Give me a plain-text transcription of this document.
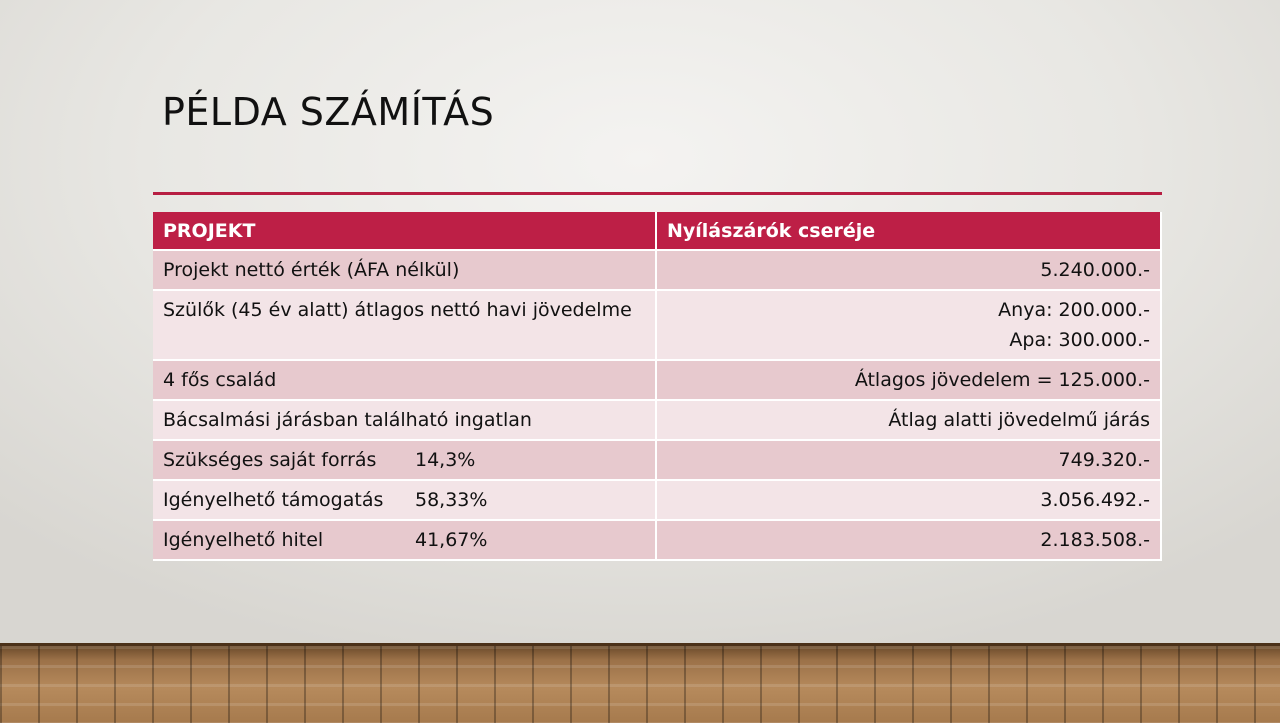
PÉLDA SZÁMÍTÁS
PROJEKT	Nyílászárók cseréje
Projekt nettó érték (ÁFA nélkül)	5.240.000.-

Szülők (45 év alatt) átlagos nettó havi jövedelme	Anya: 200.000.-
Apa: 300.000.-

4 fős család	Átlagos jövedelem = 125.000.-

Bácsalmási járásban található ingatlan	Átlag alatti jövedelmű járás

Szükséges saját forrás 14,3%	749.320.-

Igényelhető támogatás 58,33%	3.056.492.-

Igényelhető hitel 41,67%	2.183.508.-
